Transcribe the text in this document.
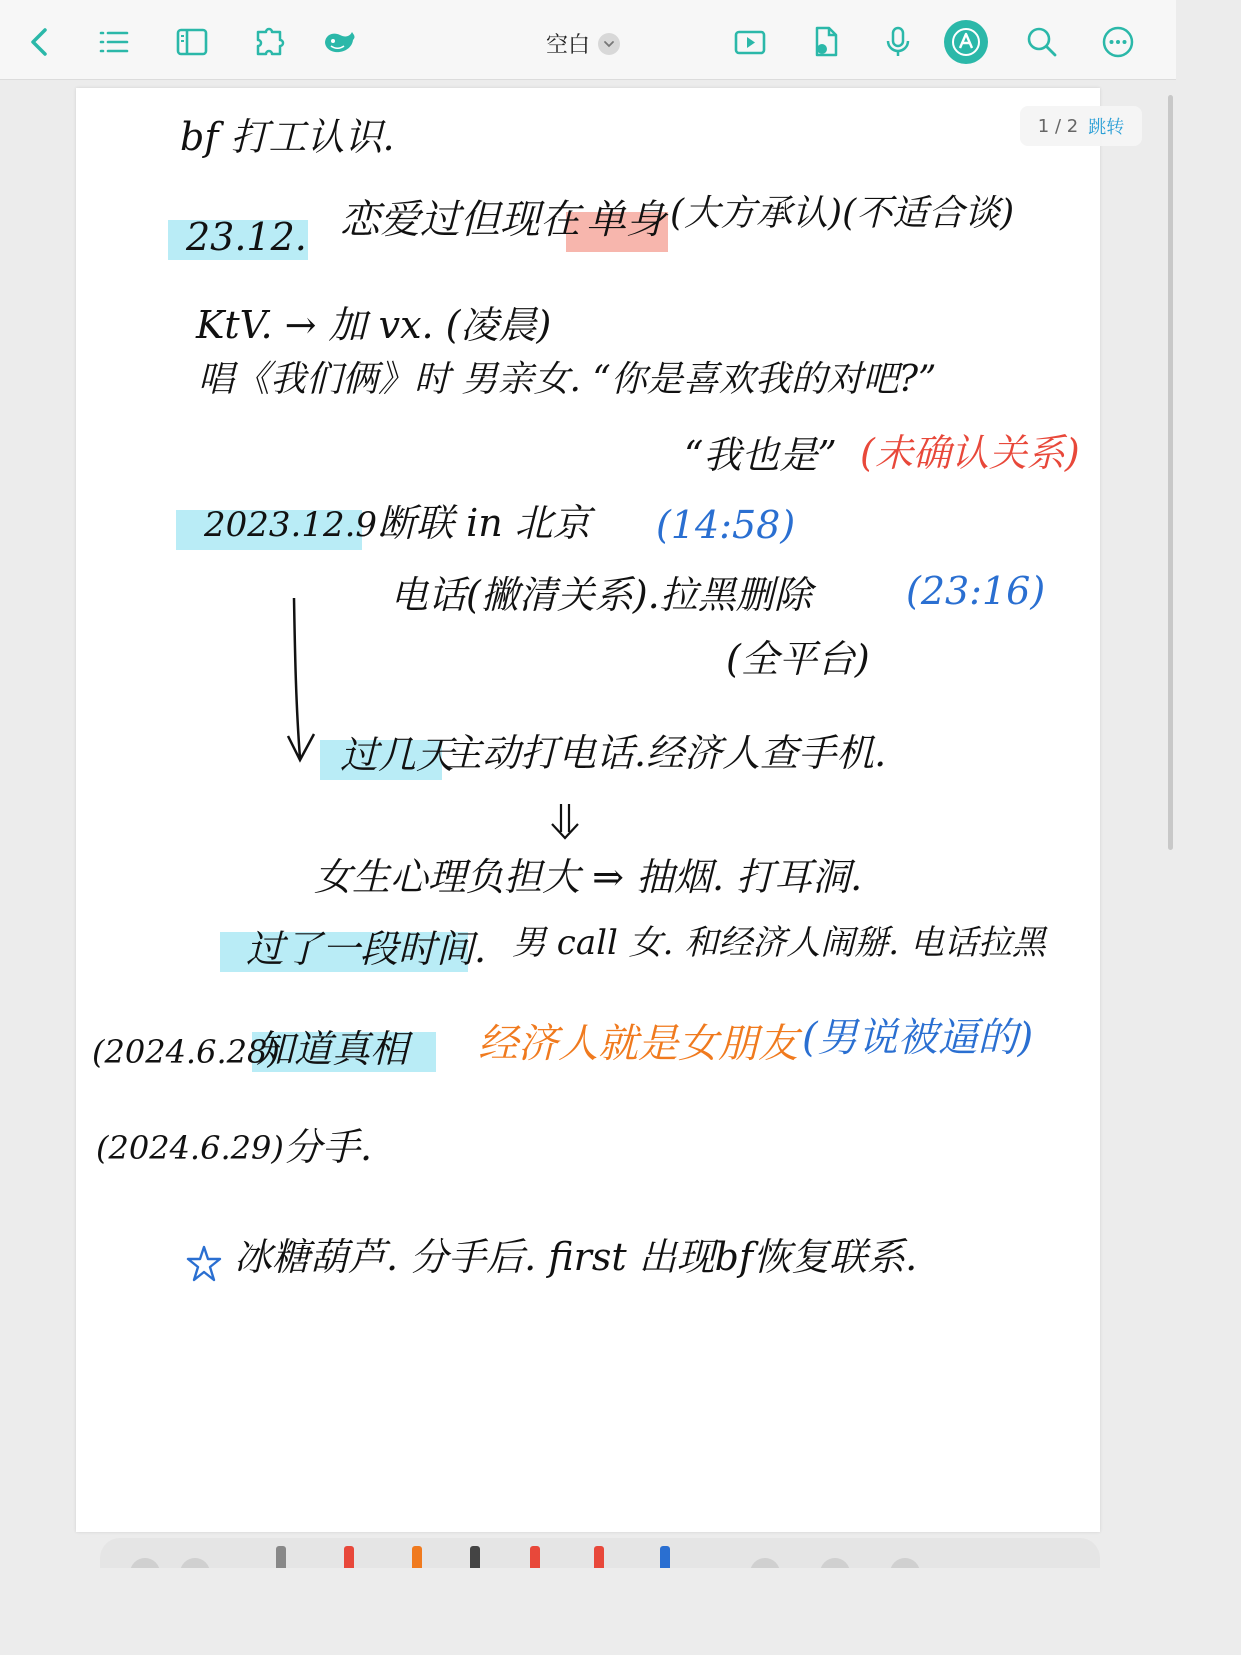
空白
1 / 2 跳转
bf 打工认识.
23.12. 恋爱过但现在 单身 (大方承认)(不适合谈)
KtV. → 加 vx. (凌晨)
唱《我们俩》时 男亲女. “你是喜欢我的对吧?”
“我也是” (未确认关系)
2023.12.9.
断联 in 北京 (14:58)
电话(撇清关系).拉黑删除 (23:16)
(全平台)
过几天
主动打电话.经济人查手机.
女生心理负担大 ⇒ 抽烟. 打耳洞.
过了一段时间. 男 call 女. 和经济人闹掰. 电话拉黑
(2024.6.28)
知道真相 经济人就是女朋友 (男说被逼的)
(2024.6.29) 分手.
冰糖葫芦. 分手后. first 出现bf恢复联系.
